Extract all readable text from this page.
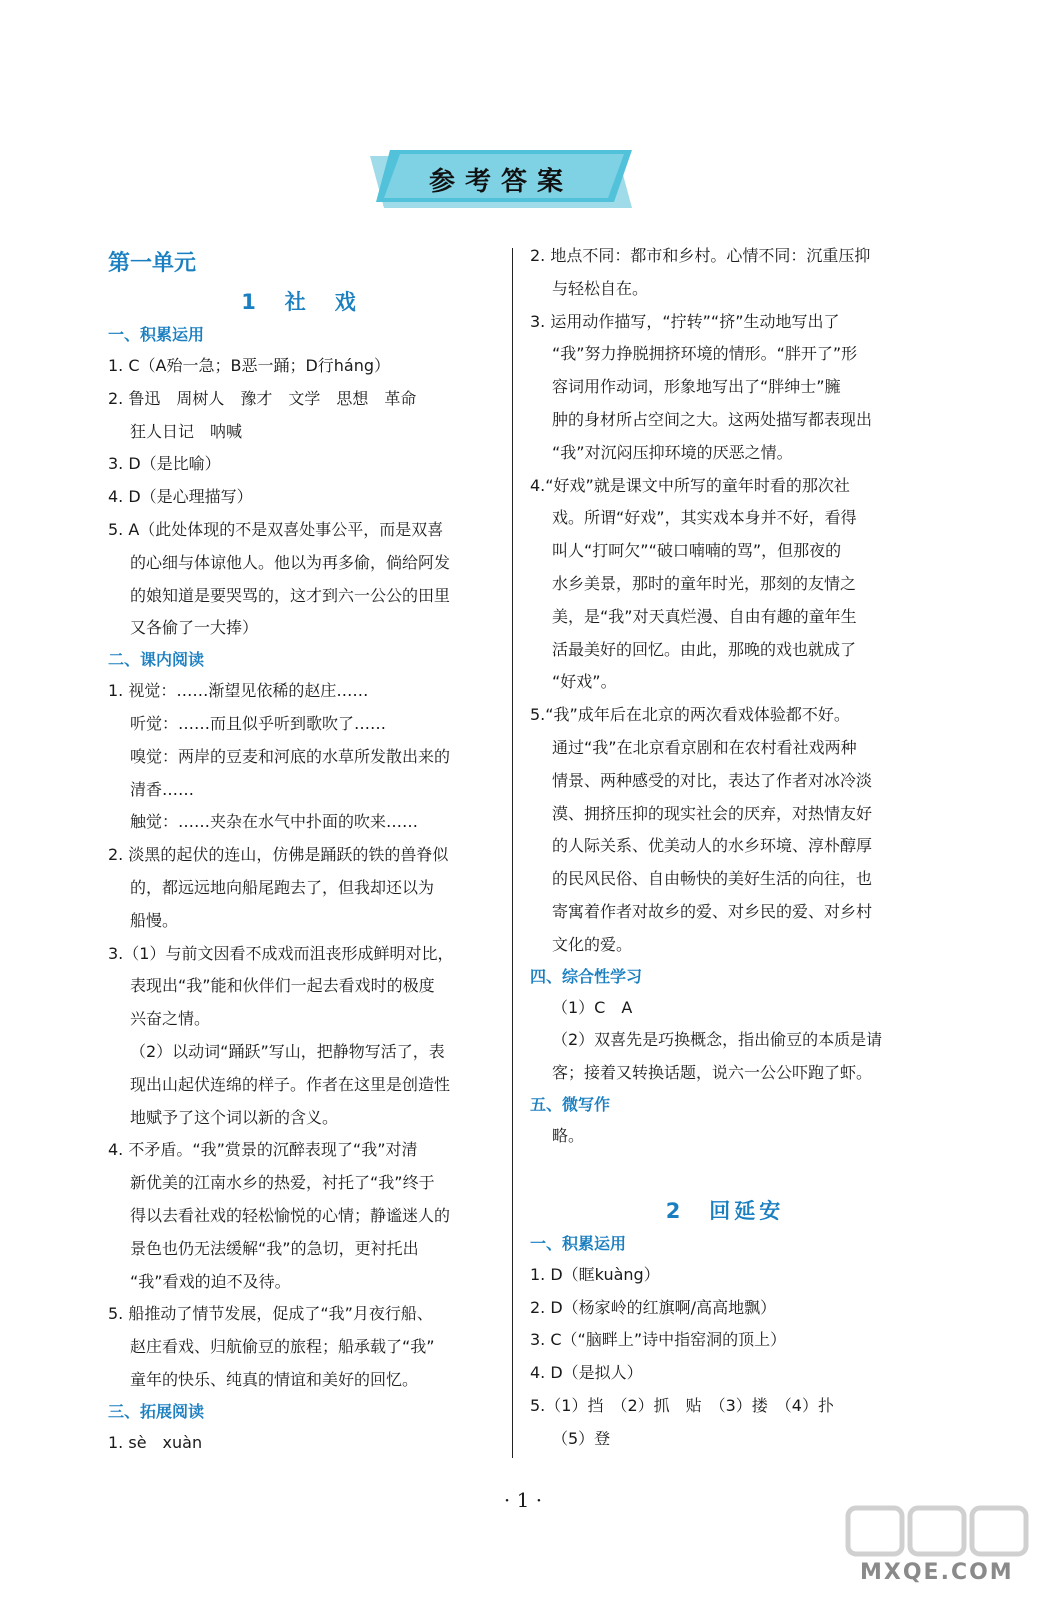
参考答案
第一单元
1　社　戏
一、积累运用
1. C（A殆一急；B恶一踊；D行háng）
2. 鲁迅　周树人　豫才　文学　思想　革命
狂人日记　呐喊
3. D（是比喻）
4. D（是心理描写）
5. A（此处体现的不是双喜处事公平，而是双喜
的心细与体谅他人。他以为再多偷，倘给阿发
的娘知道是要哭骂的，这才到六一公公的田里
又各偷了一大捧）
二、课内阅读
1. 视觉：……渐望见依稀的赵庄……
听觉：……而且似乎听到歌吹了……
嗅觉：两岸的豆麦和河底的水草所发散出来的
清香……
触觉：……夹杂在水气中扑面的吹来……
2. 淡黑的起伏的连山，仿佛是踊跃的铁的兽脊似
的，都远远地向船尾跑去了，但我却还以为
船慢。
3.（1）与前文因看不成戏而沮丧形成鲜明对比，
表现出“我”能和伙伴们一起去看戏时的极度
兴奋之情。
（2）以动词“踊跃”写山，把静物写活了，表
现出山起伏连绵的样子。作者在这里是创造性
地赋予了这个词以新的含义。
4. 不矛盾。“我”赏景的沉醉表现了“我”对清
新优美的江南水乡的热爱，衬托了“我”终于
得以去看社戏的轻松愉悦的心情；静谧迷人的
景色也仍无法缓解“我”的急切，更衬托出
“我”看戏的迫不及待。
5. 船推动了情节发展，促成了“我”月夜行船、
赵庄看戏、归航偷豆的旅程；船承载了“我”
童年的快乐、纯真的情谊和美好的回忆。
三、拓展阅读
1. sè　xuàn
2. 地点不同：都市和乡村。心情不同：沉重压抑
与轻松自在。
3. 运用动作描写，“拧转”“挤”生动地写出了
“我”努力挣脱拥挤环境的情形。“胖开了”形
容词用作动词，形象地写出了“胖绅士”臃
肿的身材所占空间之大。这两处描写都表现出
“我”对沉闷压抑环境的厌恶之情。
4.“好戏”就是课文中所写的童年时看的那次社
戏。所谓“好戏”，其实戏本身并不好，看得
叫人“打呵欠”“破口喃喃的骂”，但那夜的
水乡美景，那时的童年时光，那刻的友情之
美，是“我”对天真烂漫、自由有趣的童年生
活最美好的回忆。由此，那晚的戏也就成了
“好戏”。
5.“我”成年后在北京的两次看戏体验都不好。
通过“我”在北京看京剧和在农村看社戏两种
情景、两种感受的对比，表达了作者对冰冷淡
漠、拥挤压抑的现实社会的厌弃，对热情友好
的人际关系、优美动人的水乡环境、淳朴醇厚
的民风民俗、自由畅快的美好生活的向往，也
寄寓着作者对故乡的爱、对乡民的爱、对乡村
文化的爱。
四、综合性学习
（1）C　A
（2）双喜先是巧换概念，指出偷豆的本质是请
客；接着又转换话题，说六一公公吓跑了虾。
五、微写作
略。
2　回延安
一、积累运用
1. D（眶kuàng）
2. D（杨家岭的红旗啊/高高地飘）
3. C（“脑畔上”诗中指窑洞的顶上）
4. D（是拟人）
5.（1）挡　（2）抓　贴　（3）搂　（4）扑
（5）登
· 1 ·
MXQE.COM
